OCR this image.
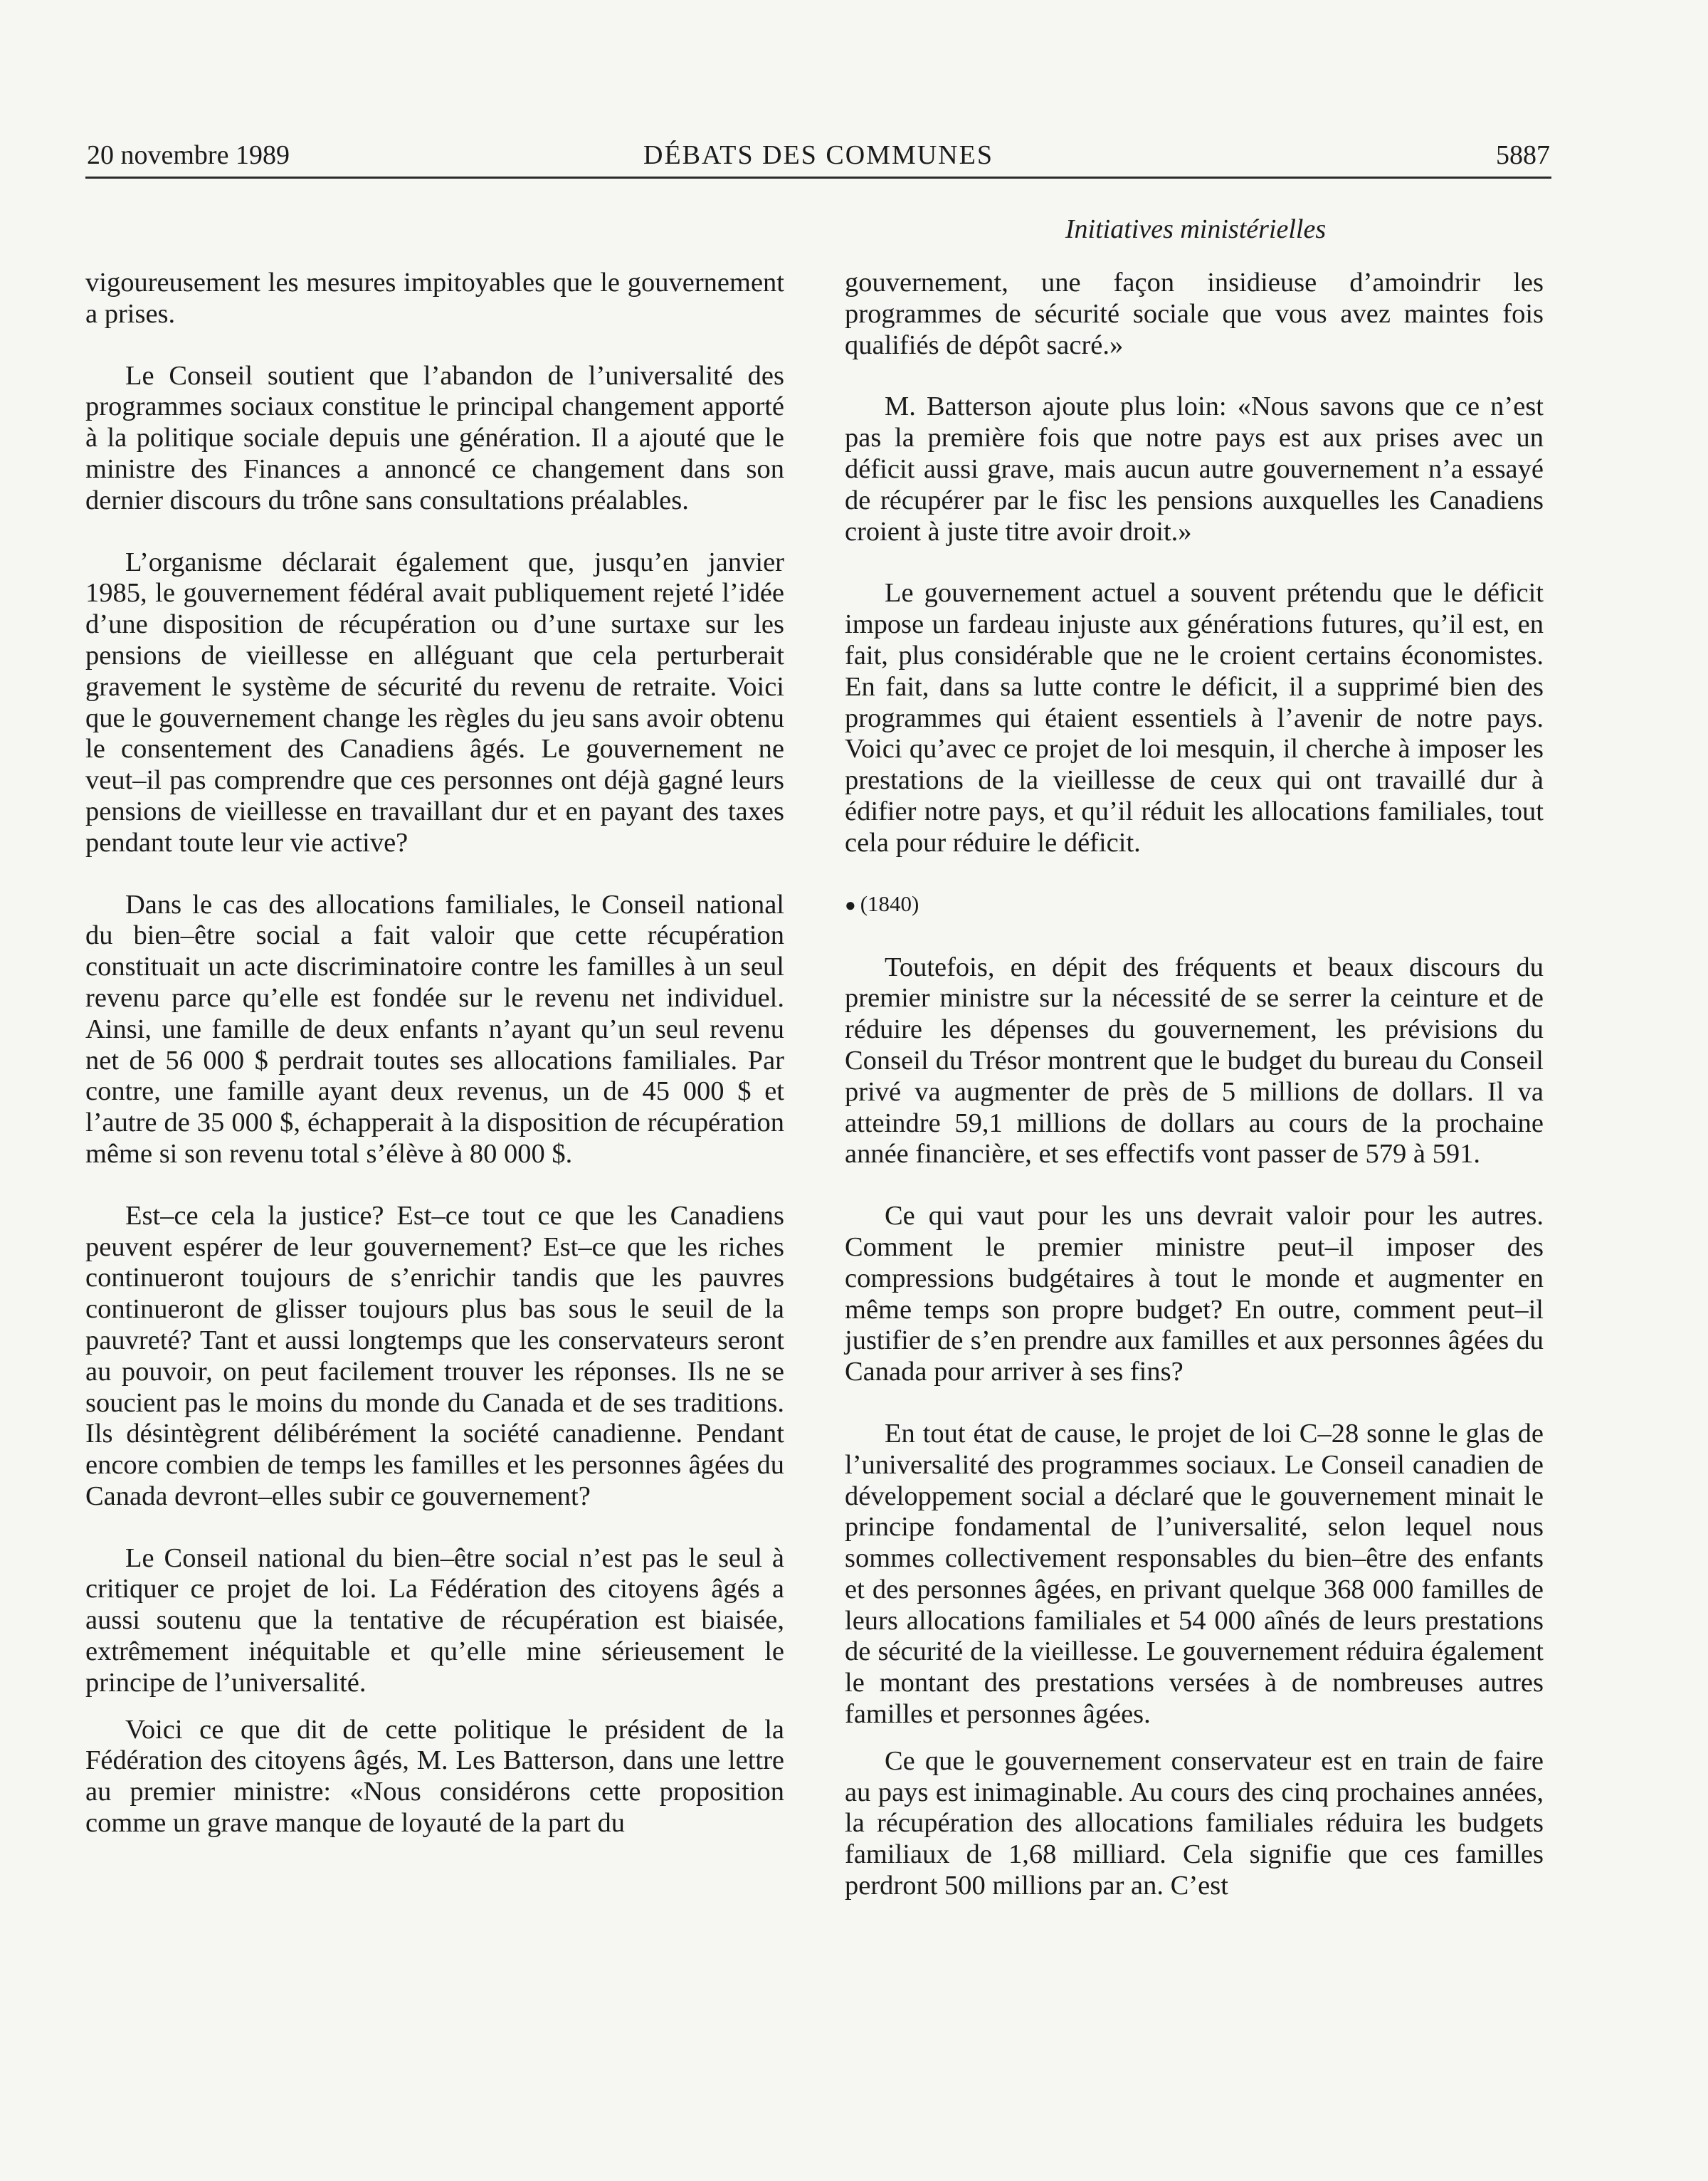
20 novembre 1989	DÉBATS DES COMMUNES	5887
Initiatives ministérielles

vigoureusement les mesures impitoyables que le gouvernement a prises.

Le Conseil soutient que l’abandon de l’universalité des programmes sociaux constitue le principal changement apporté à la politique sociale depuis une génération. Il a ajouté que le ministre des Finances a annoncé ce changement dans son dernier discours du trône sans consultations préalables.

L’organisme déclarait également que, jusqu’en janvier 1985, le gouvernement fédéral avait publiquement rejeté l’idée d’une disposition de récupération ou d’une surtaxe sur les pensions de vieillesse en alléguant que cela perturberait gravement le système de sécurité du revenu de retraite. Voici que le gouvernement change les règles du jeu sans avoir obtenu le consentement des Canadiens âgés. Le gouvernement ne veut–il pas comprendre que ces personnes ont déjà gagné leurs pensions de vieillesse en travaillant dur et en payant des taxes pendant toute leur vie active?

Dans le cas des allocations familiales, le Conseil national du bien–être social a fait valoir que cette récupération constituait un acte discriminatoire contre les familles à un seul revenu parce qu’elle est fondée sur le revenu net individuel. Ainsi, une famille de deux enfants n’ayant qu’un seul revenu net de 56 000 $ perdrait toutes ses allocations familiales. Par contre, une famille ayant deux revenus, un de 45 000 $ et l’autre de 35 000 $, échapperait à la disposition de récupération même si son revenu total s’élève à 80 000 $.

Est–ce cela la justice? Est–ce tout ce que les Canadiens peuvent espérer de leur gouvernement? Est–ce que les riches continueront toujours de s’enrichir tandis que les pauvres continueront de glisser toujours plus bas sous le seuil de la pauvreté? Tant et aussi longtemps que les conservateurs seront au pouvoir, on peut facilement trouver les réponses. Ils ne se soucient pas le moins du monde du Canada et de ses traditions. Ils désintègrent délibérément la société canadienne. Pendant encore combien de temps les familles et les personnes âgées du Canada devront–elles subir ce gouvernement?

Le Conseil national du bien–être social n’est pas le seul à critiquer ce projet de loi. La Fédération des citoyens âgés a aussi soutenu que la tentative de récupération est biaisée, extrêmement inéquitable et qu’elle mine sérieusement le principe de l’universalité.

Voici ce que dit de cette politique le président de la Fédération des citoyens âgés, M. Les Batterson, dans une lettre au premier ministre: «Nous considérons cette proposition comme un grave manque de loyauté de la part du

gouvernement, une façon insidieuse d’amoindrir les programmes de sécurité sociale que vous avez maintes fois qualifiés de dépôt sacré.»

M. Batterson ajoute plus loin: «Nous savons que ce n’est pas la première fois que notre pays est aux prises avec un déficit aussi grave, mais aucun autre gouvernement n’a essayé de récupérer par le fisc les pensions auxquelles les Canadiens croient à juste titre avoir droit.»

Le gouvernement actuel a souvent prétendu que le déficit impose un fardeau injuste aux générations futures, qu’il est, en fait, plus considérable que ne le croient certains économistes. En fait, dans sa lutte contre le déficit, il a supprimé bien des programmes qui étaient essentiels à l’avenir de notre pays. Voici qu’avec ce projet de loi mesquin, il cherche à imposer les prestations de la vieillesse de ceux qui ont travaillé dur à édifier notre pays, et qu’il réduit les allocations familiales, tout cela pour réduire le déficit.

● (1840)

Toutefois, en dépit des fréquents et beaux discours du premier ministre sur la nécessité de se serrer la ceinture et de réduire les dépenses du gouvernement, les prévisions du Conseil du Trésor montrent que le budget du bureau du Conseil privé va augmenter de près de 5 millions de dollars. Il va atteindre 59,1 millions de dollars au cours de la prochaine année financière, et ses effectifs vont passer de 579 à 591.

Ce qui vaut pour les uns devrait valoir pour les autres. Comment le premier ministre peut–il imposer des compressions budgétaires à tout le monde et augmenter en même temps son propre budget? En outre, comment peut–il justifier de s’en prendre aux familles et aux personnes âgées du Canada pour arriver à ses fins?

En tout état de cause, le projet de loi C–28 sonne le glas de l’universalité des programmes sociaux. Le Conseil canadien de développement social a déclaré que le gouvernement minait le principe fondamental de l’universalité, selon lequel nous sommes collectivement responsables du bien–être des enfants et des personnes âgées, en privant quelque 368 000 familles de leurs allocations familiales et 54 000 aînés de leurs prestations de sécurité de la vieillesse. Le gouvernement réduira également le montant des prestations versées à de nombreuses autres familles et personnes âgées.

Ce que le gouvernement conservateur est en train de faire au pays est inimaginable. Au cours des cinq prochaines années, la récupération des allocations familiales réduira les budgets familiaux de 1,68 milliard. Cela signifie que ces familles perdront 500 millions par an. C’est
